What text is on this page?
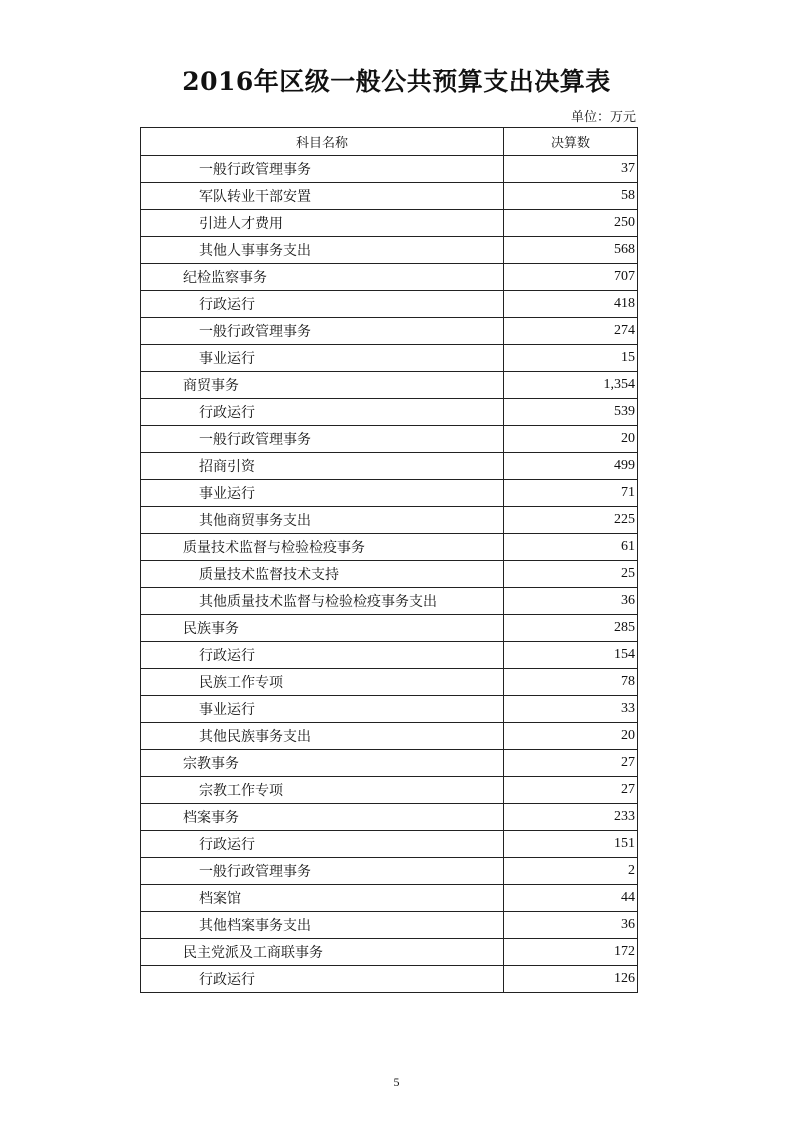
2016年区级一般公共预算支出决算表
单位：万元
科目名称	决算数
一般行政管理事务	37
军队转业干部安置	58
引进人才费用	250
其他人事事务支出	568
纪检监察事务	707
行政运行	418
一般行政管理事务	274
事业运行	15
商贸事务	1,354
行政运行	539
一般行政管理事务	20
招商引资	499
事业运行	71
其他商贸事务支出	225
质量技术监督与检验检疫事务	61
质量技术监督技术支持	25
其他质量技术监督与检验检疫事务支出	36
民族事务	285
行政运行	154
民族工作专项	78
事业运行	33
其他民族事务支出	20
宗教事务	27
宗教工作专项	27
档案事务	233
行政运行	151
一般行政管理事务	2
档案馆	44
其他档案事务支出	36
民主党派及工商联事务	172
行政运行	126
5
